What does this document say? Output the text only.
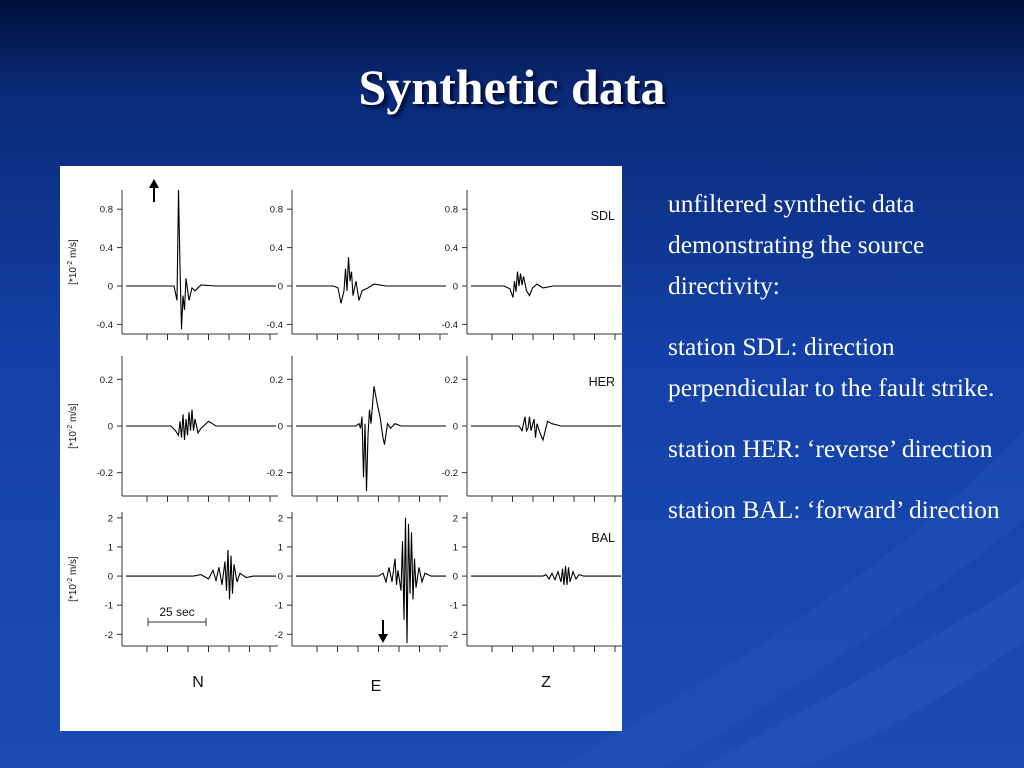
Synthetic data
0.8
0.4
0
-0.4
0.8
0.4
0
-0.4
0.8
0.4
0
-0.4
SDL
[$*10^{-2}$ m/s]
0.2
0
-0.2
0.2
0
-0.2
0.2
0
-0.2
HER
[$*10^{-2}$ m/s]
2
1
0
-1
-2
2
1
0
-1
-2
2
1
0
-1
-2
BAL
[$*10^{-2}$ m/s]
N	E	Z
25 sec

unfiltered synthetic data demonstrating the source directivity:

station SDL: direction perpendicular to the fault strike.

station HER: ‘reverse’ direction

station BAL: ‘forward’ direction
